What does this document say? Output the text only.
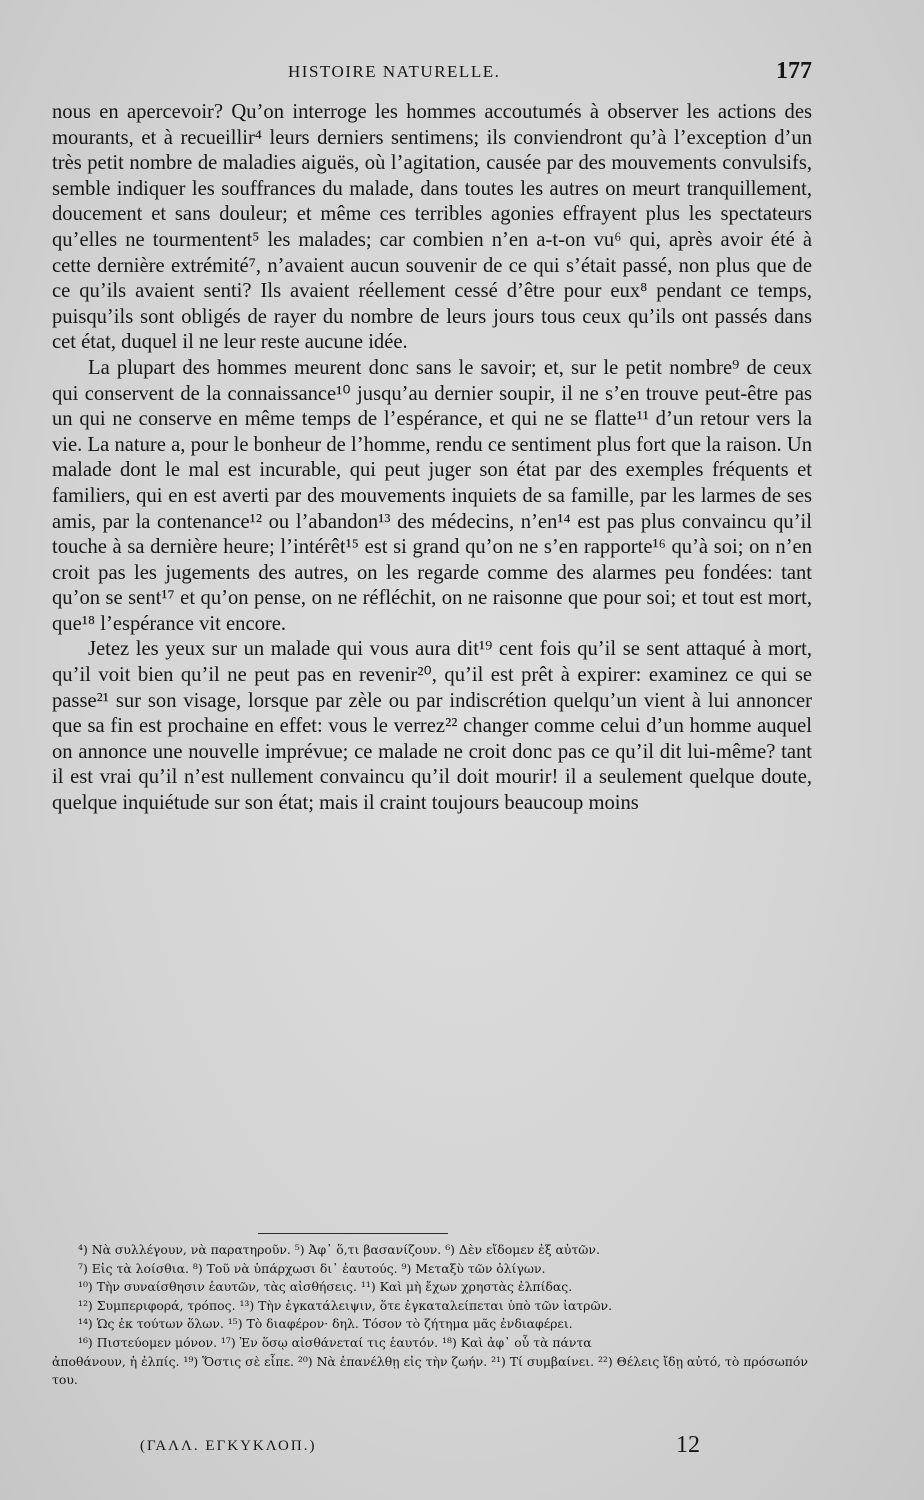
HISTOIRE NATURELLE.	177

nous en apercevoir? Qu’on interroge les hommes accoutumés à observer les actions des mourants, et à recueillir⁴ leurs derniers sentimens; ils conviendront qu’à l’exception d’un très petit nombre de maladies aiguës, où l’agitation, causée par des mouvements convulsifs, semble indiquer les souffrances du malade, dans toutes les autres on meurt tranquillement, doucement et sans douleur; et même ces terribles agonies effrayent plus les spectateurs qu’elles ne tourmentent⁵ les malades; car combien n’en a-t-on vu⁶ qui, après avoir été à cette dernière extrémité⁷, n’avaient aucun souvenir de ce qui s’était passé, non plus que de ce qu’ils avaient senti? Ils avaient réellement cessé d’être pour eux⁸ pendant ce temps, puisqu’ils sont obligés de rayer du nombre de leurs jours tous ceux qu’ils ont passés dans cet état, duquel il ne leur reste aucune idée.

La plupart des hommes meurent donc sans le savoir; et, sur le petit nombre⁹ de ceux qui conservent de la connaissance¹⁰ jusqu’au dernier soupir, il ne s’en trouve peut-être pas un qui ne conserve en même temps de l’espérance, et qui ne se flatte¹¹ d’un retour vers la vie. La nature a, pour le bonheur de l’homme, rendu ce sentiment plus fort que la raison. Un malade dont le mal est incurable, qui peut juger son état par des exemples fréquents et familiers, qui en est averti par des mouvements inquiets de sa famille, par les larmes de ses amis, par la contenance¹² ou l’abandon¹³ des médecins, n’en¹⁴ est pas plus convaincu qu’il touche à sa dernière heure; l’intérêt¹⁵ est si grand qu’on ne s’en rapporte¹⁶ qu’à soi; on n’en croit pas les jugements des autres, on les regarde comme des alarmes peu fondées: tant qu’on se sent¹⁷ et qu’on pense, on ne réfléchit, on ne raisonne que pour soi; et tout est mort, que¹⁸ l’espérance vit encore.

Jetez les yeux sur un malade qui vous aura dit¹⁹ cent fois qu’il se sent attaqué à mort, qu’il voit bien qu’il ne peut pas en revenir²⁰, qu’il est prêt à expirer: examinez ce qui se passe²¹ sur son visage, lorsque par zèle ou par indiscrétion quelqu’un vient à lui annoncer que sa fin est prochaine en effet: vous le verrez²² changer comme celui d’un homme auquel on annonce une nouvelle imprévue; ce malade ne croit donc pas ce qu’il dit lui-même? tant il est vrai qu’il n’est nullement convaincu qu’il doit mourir! il a seulement quelque doute, quelque inquiétude sur son état; mais il craint toujours beaucoup moins

⁴) Νὰ συλλέγουν, νὰ παρατηροῦν. ⁵) Ἀφ᾽ ὅ,τι βασανίζουν. ⁶) Δὲν εἴδομεν ἐξ αὐτῶν.
⁷) Εἰς τὰ λοίσθια. ⁸) Τοῦ νὰ ὑπάρχωσι δι᾽ ἑαυτούς. ⁹) Μεταξὺ τῶν ὀλίγων.
¹⁰) Τὴν συναίσθησιν ἑαυτῶν, τὰς αἰσθήσεις. ¹¹) Καὶ μὴ ἔχων χρηστὰς ἐλπίδας.
¹²) Συμπεριφορά, τρόπος. ¹³) Τὴν ἐγκατάλειψιν, ὅτε ἐγκαταλείπεται ὑπὸ τῶν ἰατρῶν.
¹⁴) Ὡς ἐκ τούτων ὅλων. ¹⁵) Τὸ διαφέρον· δηλ. Τόσον τὸ ζήτημα μᾶς ἐνδιαφέρει.
¹⁶) Πιστεύομεν μόνον. ¹⁷) Ἐν ὅσῳ αἰσθάνεταί τις ἑαυτόν. ¹⁸) Καὶ ἀφ᾽ οὗ τὰ πάντα
ἀποθάνουν, ἡ ἐλπίς. ¹⁹) Ὅστις σὲ εἶπε. ²⁰) Νὰ ἐπανέλθῃ εἰς τὴν ζωήν. ²¹) Τί συμβαίνει. ²²) Θέλεις ἴδῃ αὐτό, τὸ πρόσωπόν του.
(ΓΑΛΛ. ΕΓΚΥΚΛΟΠ.)	12
